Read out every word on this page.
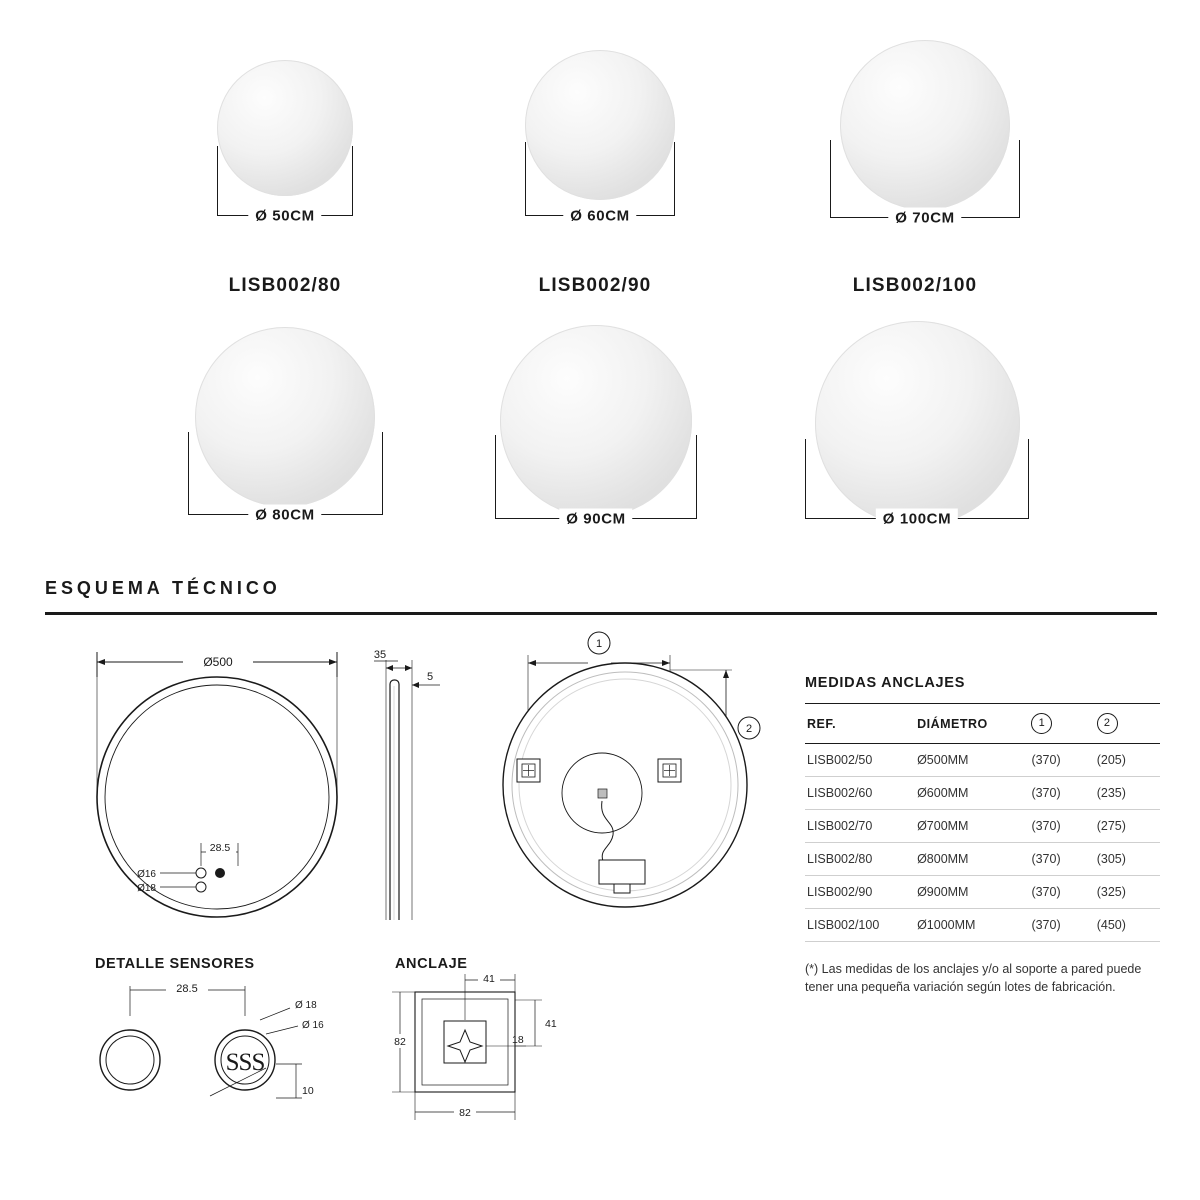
Ø 50CM	Ø 60CM	Ø 70CM
LISB002/80
Ø 80CM
LISB002/90
Ø 90CM
LISB002/100
Ø 100CM
ESQUEMA TÉCNICO
Ø500
28.5
Ø16
Ø18
35
5
1
2
DETALLE SENSORES
28.5
SSS
Ø 18
Ø 16
10
ANCLAJE
41
41
18
82
82
MEDIDAS ANCLAJES
REF.	DIÁMETRO	1	2
LISB002/50	Ø500MM	(370)	(205)
LISB002/60	Ø600MM	(370)	(235)
LISB002/70	Ø700MM	(370)	(275)
LISB002/80	Ø800MM	(370)	(305)
LISB002/90	Ø900MM	(370)	(325)
LISB002/100	Ø1000MM	(370)	(450)
(*) Las medidas de los anclajes y/o al soporte a pared puede tener una pequeña variación según lotes de fabricación.
